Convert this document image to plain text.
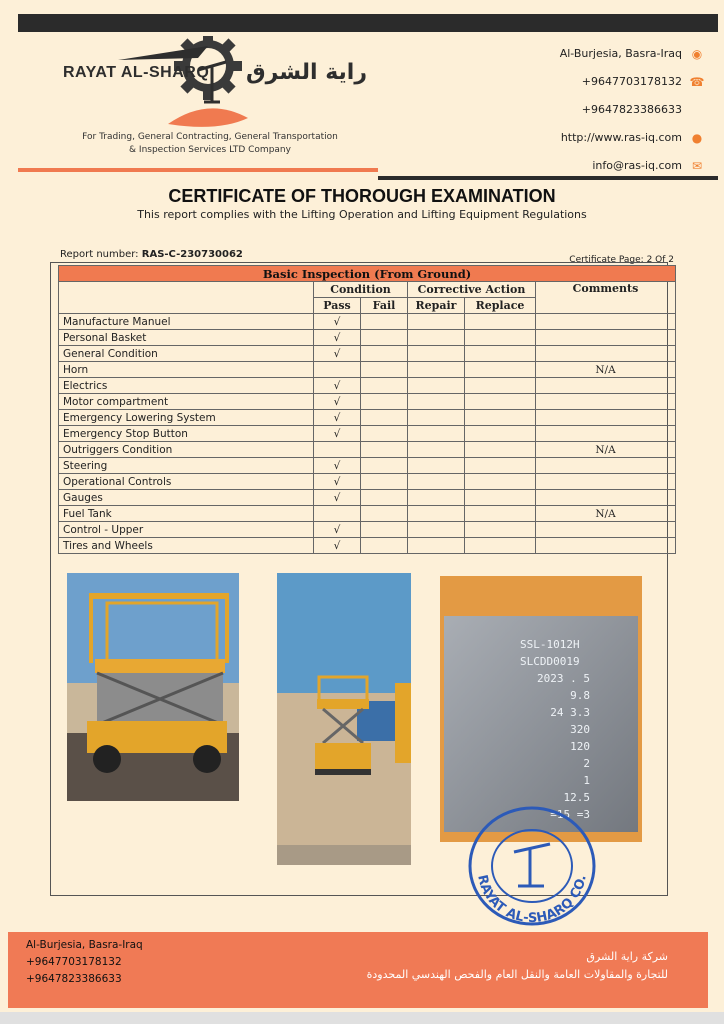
RAYAT AL-SHARQ راية الشرق
For Trading, General Contracting, General Transportation
& Inspection Services LTD Company
Al-Burjesia, Basra-Iraq ◉
+9647703178132 ☎
+9647823386633
http://www.ras-iq.com ●
info@ras-iq.com ✉
CERTIFICATE OF THOROUGH EXAMINATION
This report complies with the Lifting Operation and Lifting Equipment Regulations
Report number: RAS-C-230730062	Certificate Page: 2 Of 2
Basic Inspection (From Ground)					
	Condition		Corrective Action		Comments
	Pass	Fail	Repair	Replace	
Manufacture Manuel	√				
Personal Basket	√				
General Condition	√				
Horn					N/A
Electrics	√				
Motor compartment	√				
Emergency Lowering System	√				
Emergency Stop Button	√				
Outriggers Condition					N/A
Steering	√				
Operational Controls	√				
Gauges	√				
Fuel Tank					N/A
Control - Upper	√				
Tires and Wheels	√				
SSL-1012H
SLCDD0019
2023 . 5
9.8
24 3.3
320
120
2
1
12.5
=15 =3
RAYAT AL-SHARQ CO.
Al-Burjesia, Basra-Iraq
+9647703178132
+9647823386633
شركة راية الشرق
للتجارة والمقاولات العامة والنقل العام والفحص الهندسي المحدودة
